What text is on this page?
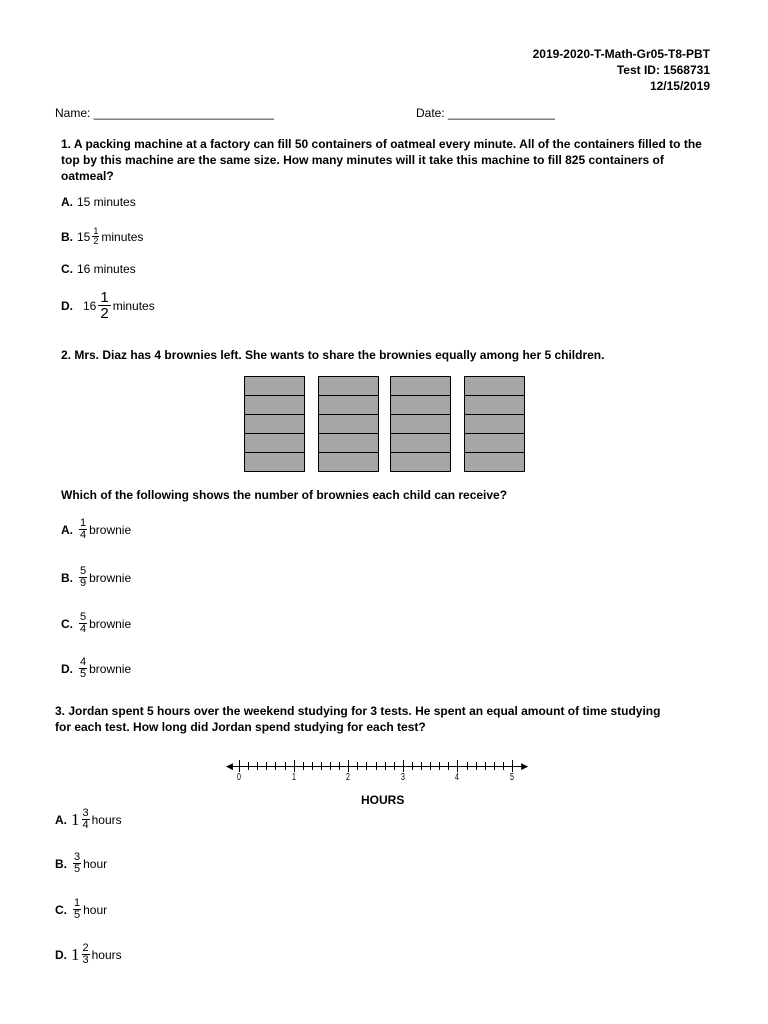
2019-2020-T-Math-Gr05-T8-PBT
Test ID: 1568731
12/15/2019
Name: ___________________________	Date: ________________
1. A packing machine at a factory can fill 50 containers of oatmeal every minute. All of the containers filled to the top by this machine are the same size. How many minutes will it take this machine to fill 825 containers of oatmeal?
A. 15 minutes
B. $15 \frac{1}{2}$ minutes
C. 16 minutes
D. $16 \frac{1}{2}$ minutes
2. Mrs. Diaz has 4 brownies left. She wants to share the brownies equally among her 5 children.
Which of the following shows the number of brownies each child can receive?
A. $\frac{1}{4}$ brownie
B. $\frac{5}{9}$ brownie
C. $\frac{5}{4}$ brownie
D. $\frac{4}{5}$ brownie
3. Jordan spent 5 hours over the weekend studying for 3 tests. He spent an equal amount of time studying for each test. How long did Jordan spend studying for each test?
◀	▶
0	1	2	3	4	5
HOURS
A. $1 \frac{3}{4}$ hours
B. $\frac{3}{5}$ hour
C. $\frac{1}{5}$ hour
D. $1 \frac{2}{3}$ hours
